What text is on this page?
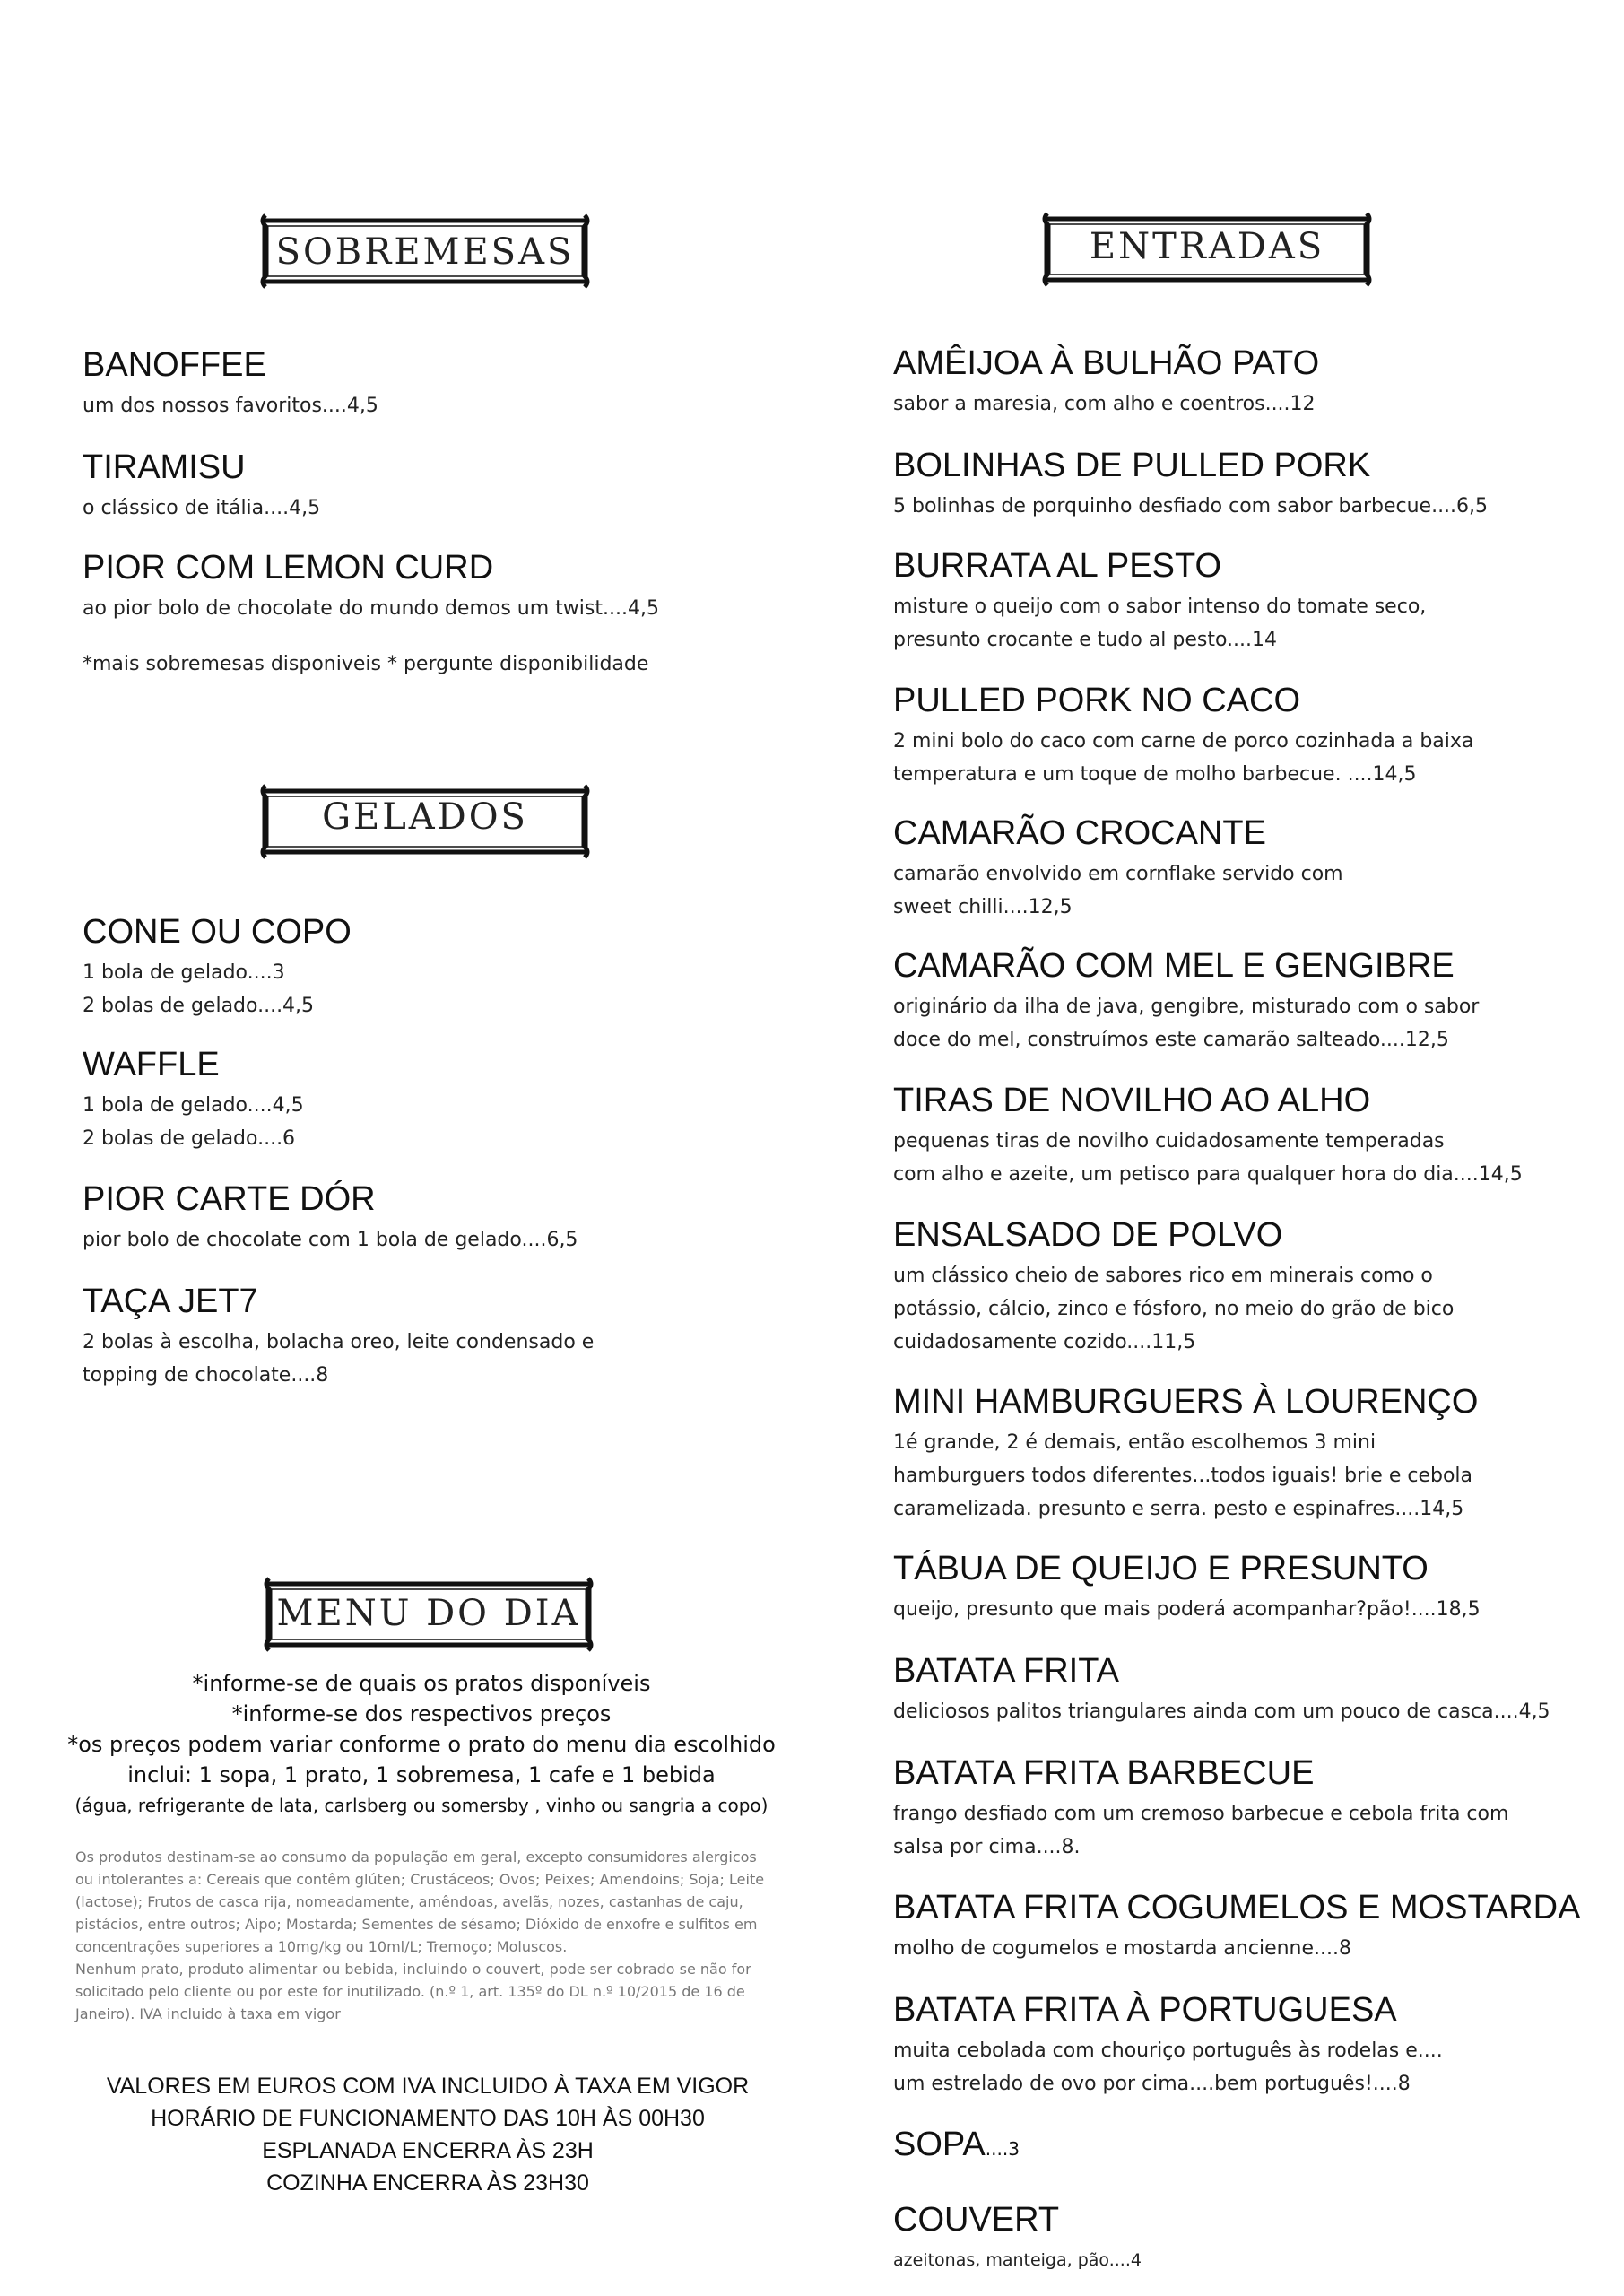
SOBREMESAS	ENTRADAS
GELADOS
MENU DO DIA
BANOFFEE
um dos nossos favoritos....4,5
TIRAMISU
o clássico de itália....4,5
PIOR COM LEMON CURD
ao pior bolo de chocolate do mundo demos um twist....4,5
*mais sobremesas disponiveis * pergunte disponibilidade
CONE OU COPO
1 bola de gelado....3
2 bolas de gelado....4,5
WAFFLE
1 bola de gelado....4,5
2 bolas de gelado....6
PIOR CARTE DÓR
pior bolo de chocolate com 1 bola de gelado....6,5
TAÇA JET7
2 bolas à escolha, bolacha oreo, leite condensado e
topping de chocolate....8
*informe-se de quais os pratos disponíveis
*informe-se dos respectivos preços
*os preços podem variar conforme o prato do menu dia escolhido
inclui: 1 sopa, 1 prato, 1 sobremesa, 1 cafe e 1 bebida
(água, refrigerante de lata, carlsberg ou somersby , vinho ou sangria a copo)
Os produtos destinam-se ao consumo da população em geral, excepto consumidores alergicos
ou intolerantes a: Cereais que contêm glúten; Crustáceos; Ovos; Peixes; Amendoins; Soja; Leite
(lactose); Frutos de casca rija, nomeadamente, amêndoas, avelãs, nozes, castanhas de caju,
pistácios, entre outros; Aipo; Mostarda; Sementes de sésamo; Dióxido de enxofre e sulfitos em
concentrações superiores a 10mg/kg ou 10ml/L; Tremoço; Moluscos.
Nenhum prato, produto alimentar ou bebida, incluindo o couvert, pode ser cobrado se não for
solicitado pelo cliente ou por este for inutilizado. (n.º 1, art. 135º do DL n.º 10/2015 de 16 de
Janeiro). IVA incluido à taxa em vigor
VALORES EM EUROS COM IVA INCLUIDO À TAXA EM VIGOR
HORÁRIO DE FUNCIONAMENTO DAS 10H ÀS 00H30
ESPLANADA ENCERRA ÀS 23H
COZINHA ENCERRA ÀS 23H30
AMÊIJOA À BULHÃO PATO
sabor a maresia, com alho e coentros....12
BOLINHAS DE PULLED PORK
5 bolinhas de porquinho desfiado com sabor barbecue....6,5
BURRATA AL PESTO
misture o queijo com o sabor intenso do tomate seco,
presunto crocante e tudo al pesto....14
PULLED PORK NO CACO
2 mini bolo do caco com carne de porco cozinhada a baixa
temperatura e um toque de molho barbecue. ....14,5
CAMARÃO CROCANTE
camarão envolvido em cornflake servido com
sweet chilli....12,5
CAMARÃO COM MEL E GENGIBRE
originário da ilha de java, gengibre, misturado com o sabor
doce do mel, construímos este camarão salteado....12,5
TIRAS DE NOVILHO AO ALHO
pequenas tiras de novilho cuidadosamente temperadas
com alho e azeite, um petisco para qualquer hora do dia....14,5
ENSALSADO DE POLVO
um clássico cheio de sabores rico em minerais como o
potássio, cálcio, zinco e fósforo, no meio do grão de bico
cuidadosamente cozido....11,5
MINI HAMBURGUERS À LOURENÇO
1é grande, 2 é demais, então escolhemos 3 mini
hamburguers todos diferentes...todos iguais! brie e cebola
caramelizada. presunto e serra. pesto e espinafres....14,5
TÁBUA DE QUEIJO E PRESUNTO
queijo, presunto que mais poderá acompanhar?pão!....18,5
BATATA FRITA
deliciosos palitos triangulares ainda com um pouco de casca....4,5
BATATA FRITA BARBECUE
frango desfiado com um cremoso barbecue e cebola frita com
salsa por cima....8.
BATATA FRITA COGUMELOS E MOSTARDA
molho de cogumelos e mostarda ancienne....8
BATATA FRITA À PORTUGUESA
muita cebolada com chouriço português às rodelas e....
um estrelado de ovo por cima....bem português!....8
SOPA....3
COUVERT
azeitonas, manteiga, pão....4
